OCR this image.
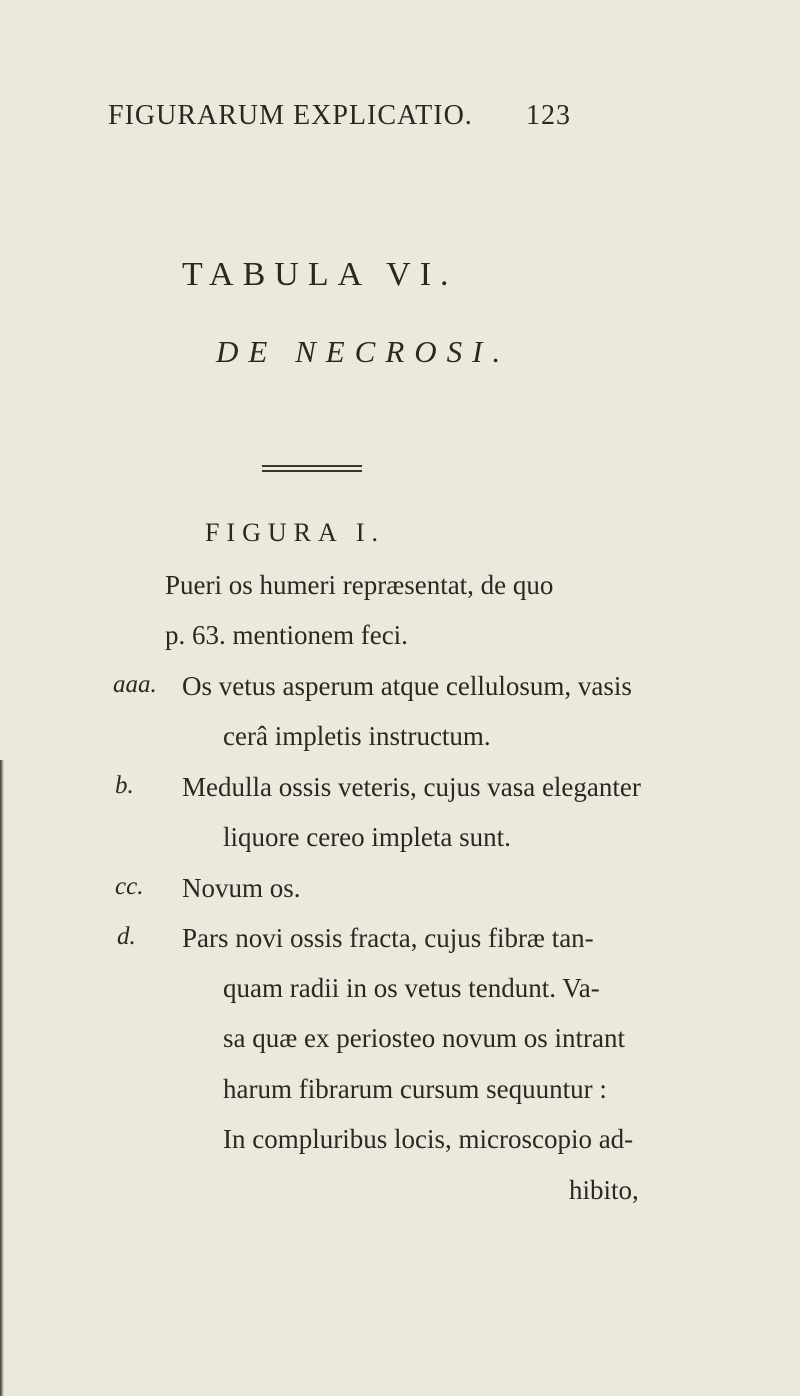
FIGURARUM EXPLICATIO. 123
TABULA VI.
DE NECROSI.
FIGURA I.
Pueri os humeri repræsentat, de quo
p. 63. mentionem feci.
aaa. Os vetus asperum atque cellulosum, vasis
cerâ impletis instructum.
b. Medulla ossis veteris, cujus vasa eleganter
liquore cereo impleta sunt.
cc. Novum os.
d. Pars novi ossis fracta, cujus fibræ tan-
quam radii in os vetus tendunt. Va-
sa quæ ex periosteo novum os intrant
harum fibrarum cursum sequuntur :
In compluribus locis, microscopio ad-
hibito,
